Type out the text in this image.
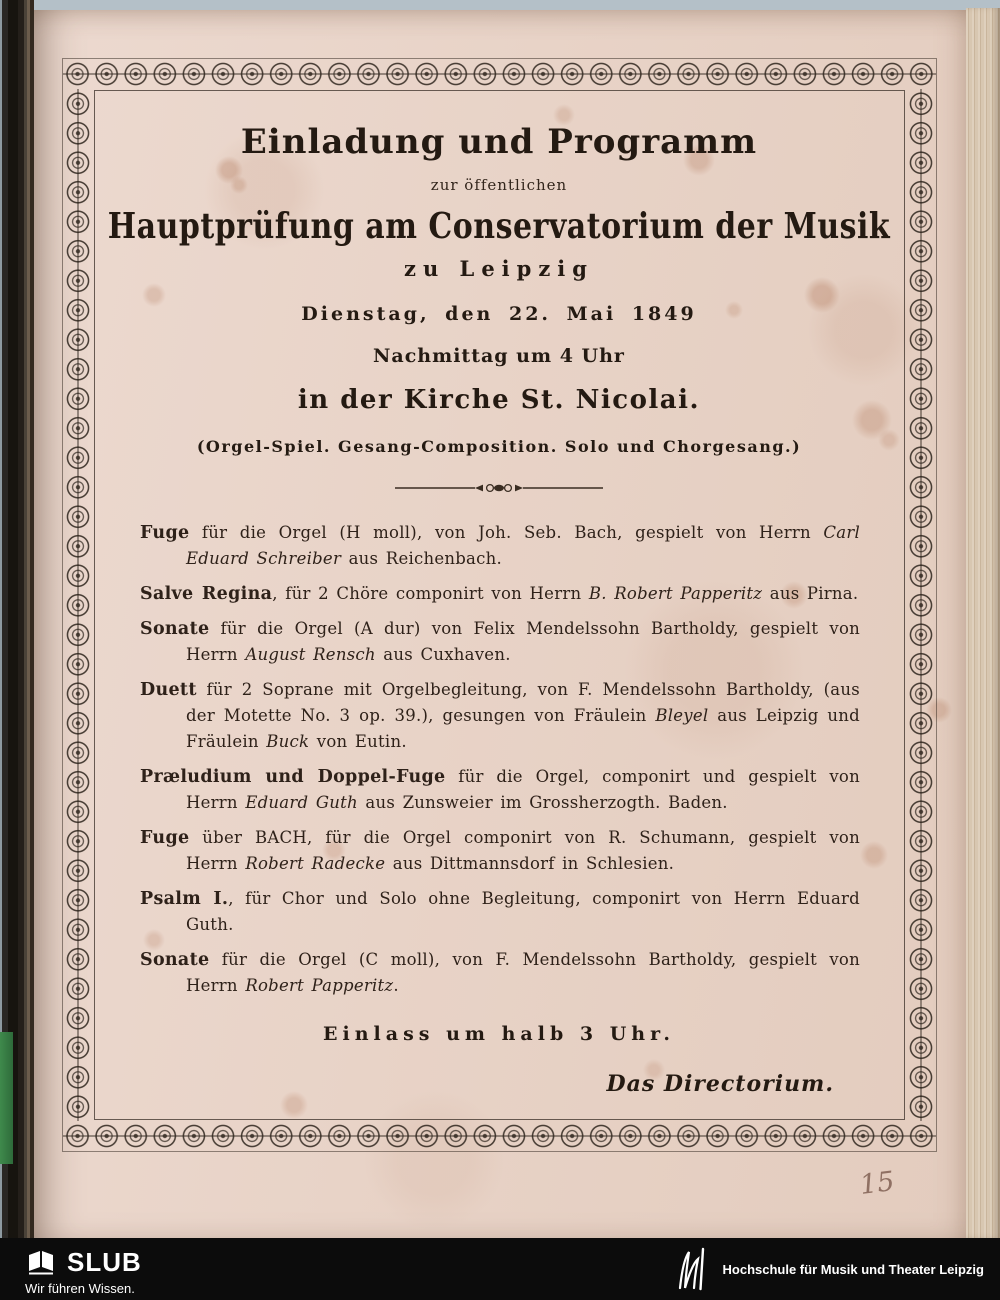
Einladung und Programm
zur öffentlichen
Hauptprüfung am Conservatorium der Musik
zu Leipzig
Dienstag, den 22. Mai 1849
Nachmittag um 4 Uhr
in der Kirche St. Nicolai.
(Orgel-Spiel. Gesang-Composition. Solo und Chorgesang.)

Fuge für die Orgel (H moll), von Joh. Seb. Bach, gespielt von Herrn Carl Eduard Schreiber aus Reichenbach.

Salve Regina, für 2 Chöre componirt von Herrn B. Robert Papperitz aus Pirna.

Sonate für die Orgel (A dur) von Felix Mendelssohn Bartholdy, gespielt von Herrn August Rensch aus Cuxhaven.

Duett für 2 Soprane mit Orgelbegleitung, von F. Mendelssohn Bartholdy, (aus der Motette No. 3 op. 39.), gesungen von Fräulein Bleyel aus Leipzig und Fräulein Buck von Eutin.

Præludium und Doppel-Fuge für die Orgel, componirt und gespielt von Herrn Eduard Guth aus Zunsweier im Grossherzogth. Baden.

Fuge über BACH, für die Orgel componirt von R. Schumann, gespielt von Herrn Robert Radecke aus Dittmannsdorf in Schlesien.

Psalm I., für Chor und Solo ohne Begleitung, componirt von Herrn Eduard Guth.

Sonate für die Orgel (C moll), von F. Mendelssohn Bartholdy, gespielt von Herrn Robert Papperitz.

Einlass um halb 3 Uhr.
Das Directorium.
15
SLUB
Wir führen Wissen.
Hochschule für Musik und Theater Leipzig
